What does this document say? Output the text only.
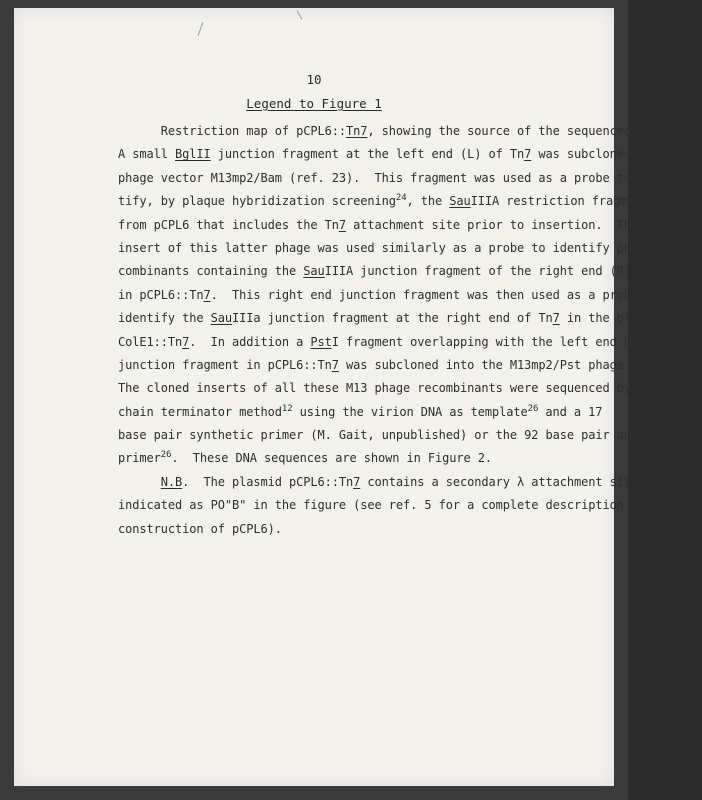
10
Legend to Figure 1
Restriction map of pCPL6::Tn7, showing the source of the sequenced material.
A small BglII junction fragment at the left end (L) of Tn7 was subcloned into the
phage vector M13mp2/Bam (ref. 23).  This fragment was used as a probe to iden-
tify, by plaque hybridization screening$^{24}$, the SauIIIA restriction fragment
from pCPL6 that includes the Tn7 attachment site prior to insertion.  The cloned
insert of this latter phage was used similarly as a probe to identify phage re-
combinants containing the SauIIIA junction fragment of the right end (R) of Tn7
in pCPL6::Tn7.  This right end junction fragment was then used as a probe to
identify the SauIIIa junction fragment at the right end of Tn7 in the plasmid
ColE1::Tn7.  In addition a PstI fragment overlapping with the left end BglII
junction fragment in pCPL6::Tn7 was subcloned into the M13mp2/Pst phage vector$^{25}$.
The cloned inserts of all these M13 phage recombinants were sequenced by the
chain terminator method$^{12}$ using the virion DNA as template$^{26}$ and a 17
base pair synthetic primer (M. Gait, unpublished) or the 92 base pair universal
primer$^{26}$.  These DNA sequences are shown in Figure 2.
N.B.  The plasmid pCPL6::Tn7 contains a secondary λ attachment site
indicated as PO"B" in the figure (see ref. 5 for a complete description of the
construction of pCPL6).
